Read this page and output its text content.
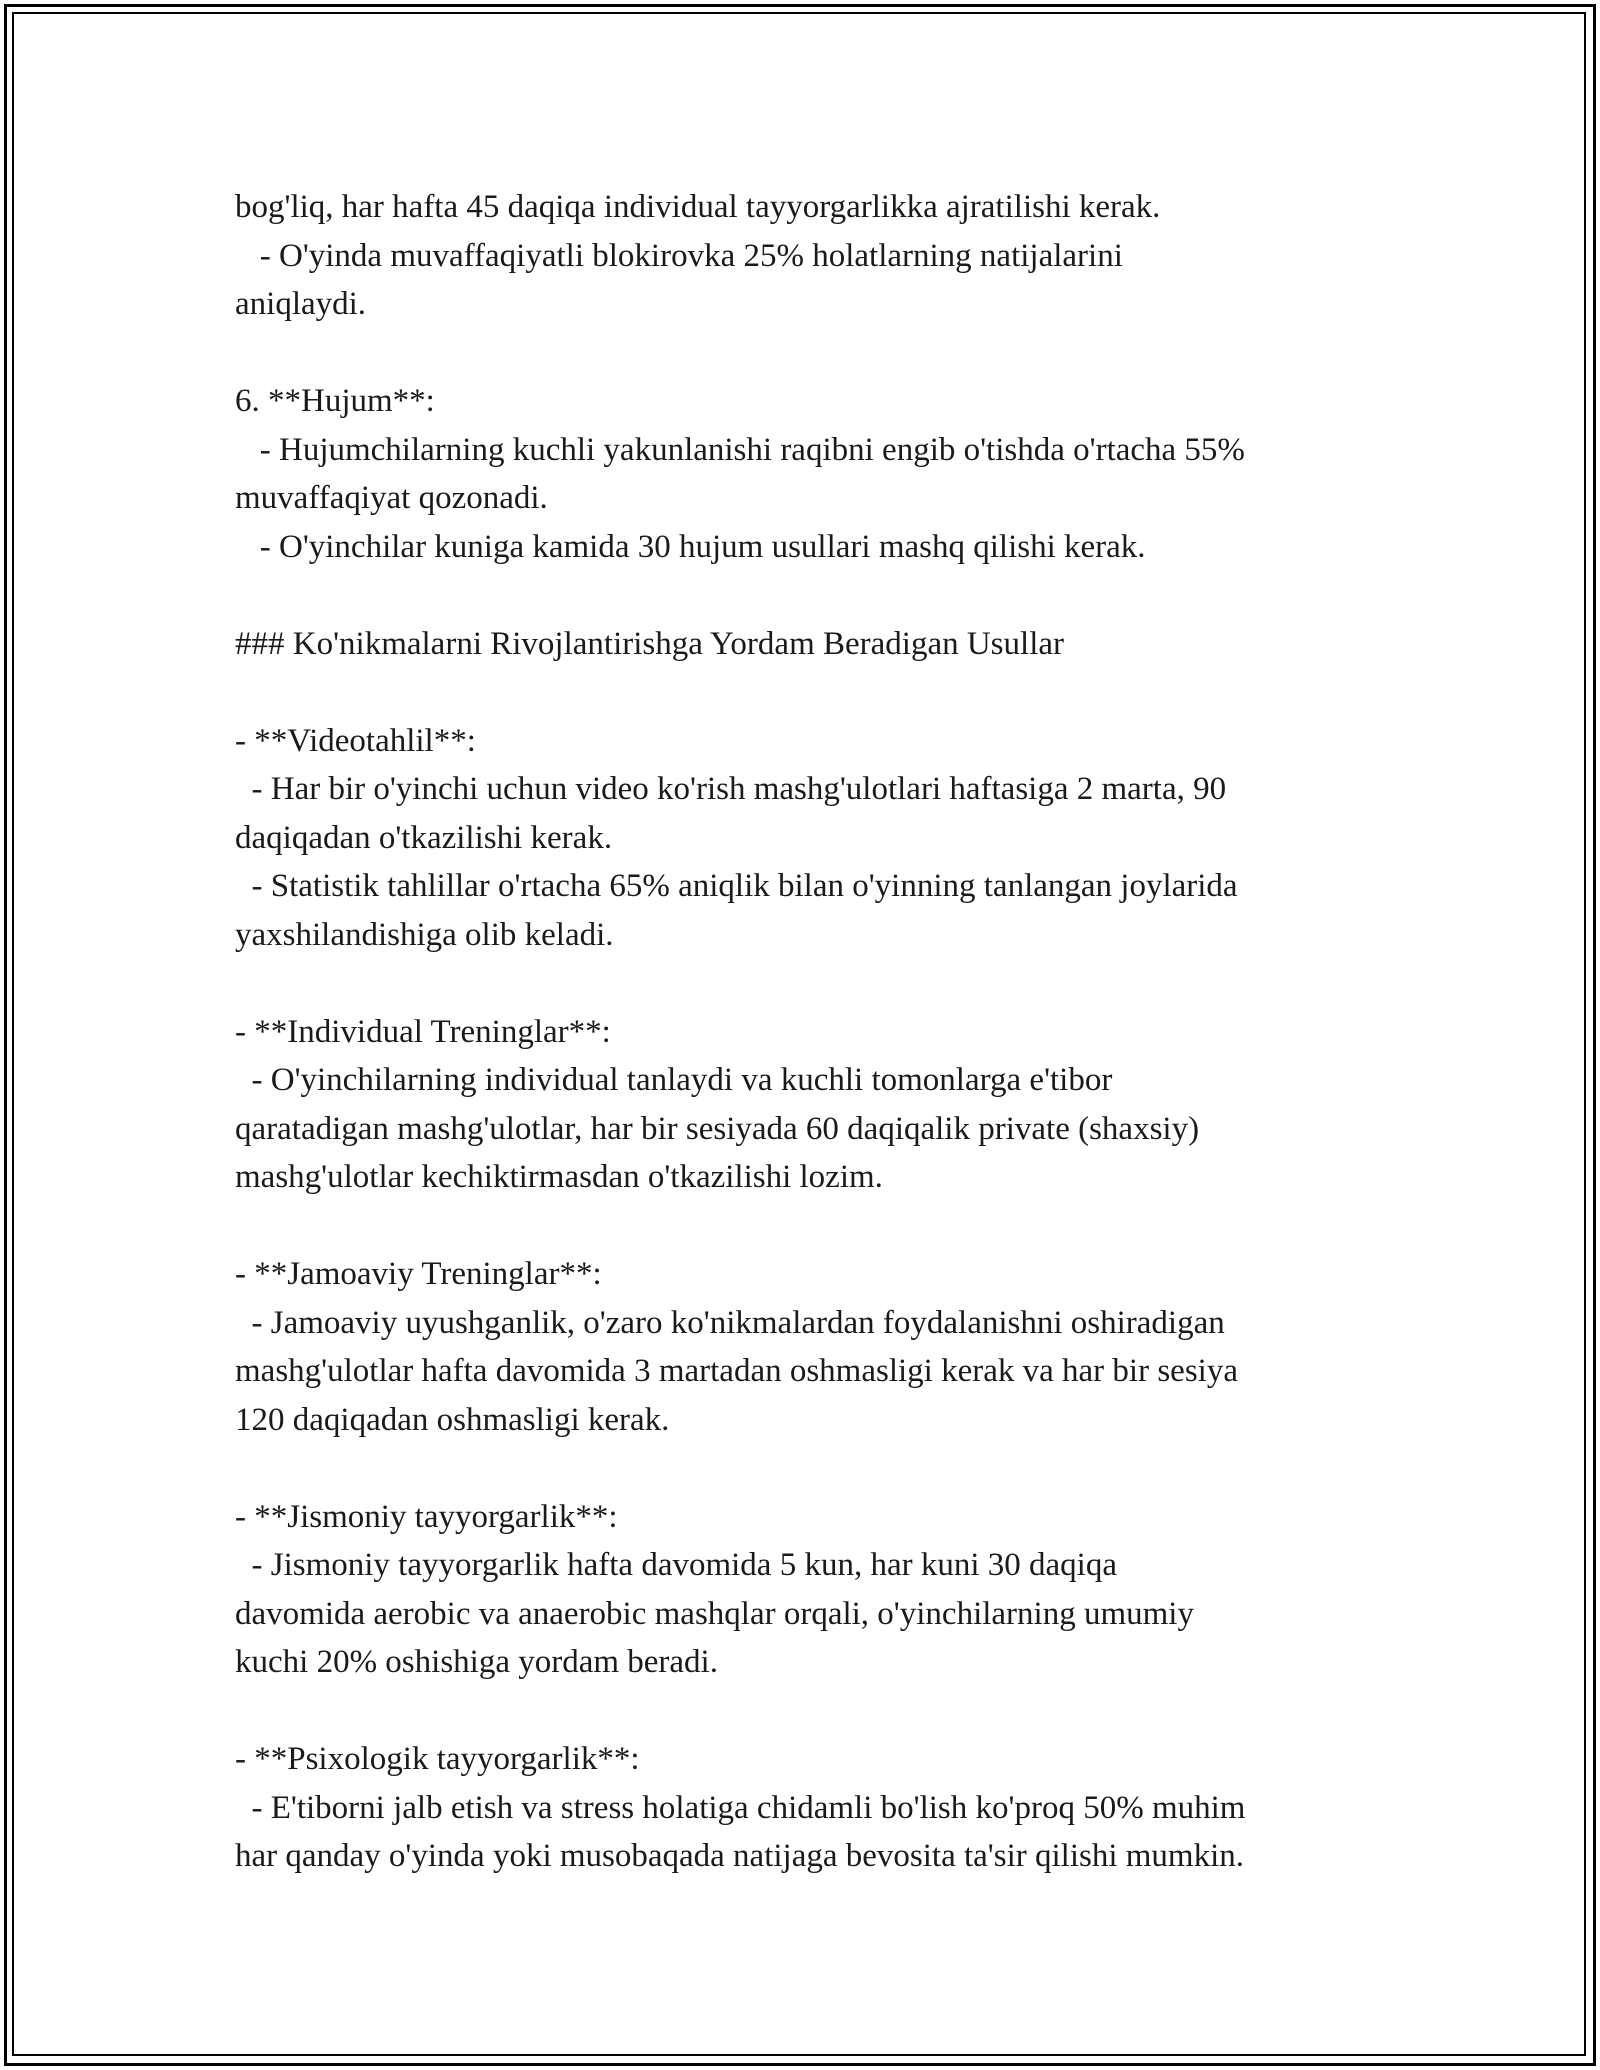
bog'liq, har hafta 45 daqiqa individual tayyorgarlikka ajratilishi kerak.
- O'yinda muvaffaqiyatli blokirovka 25% holatlarning natijalarini
aniqlaydi.
6. **Hujum**:
- Hujumchilarning kuchli yakunlanishi raqibni engib o'tishda o'rtacha 55%
muvaffaqiyat qozonadi.
- O'yinchilar kuniga kamida 30 hujum usullari mashq qilishi kerak.
### Ko'nikmalarni Rivojlantirishga Yordam Beradigan Usullar
- **Videotahlil**:
- Har bir o'yinchi uchun video ko'rish mashg'ulotlari haftasiga 2 marta, 90
daqiqadan o'tkazilishi kerak.
- Statistik tahlillar o'rtacha 65% aniqlik bilan o'yinning tanlangan joylarida
yaxshilandishiga olib keladi.
- **Individual Treninglar**:
- O'yinchilarning individual tanlaydi va kuchli tomonlarga e'tibor
qaratadigan mashg'ulotlar, har bir sesiyada 60 daqiqalik private (shaxsiy)
mashg'ulotlar kechiktirmasdan o'tkazilishi lozim.
- **Jamoaviy Treninglar**:
- Jamoaviy uyushganlik, o'zaro ko'nikmalardan foydalanishni oshiradigan
mashg'ulotlar hafta davomida 3 martadan oshmasligi kerak va har bir sesiya
120 daqiqadan oshmasligi kerak.
- **Jismoniy tayyorgarlik**:
- Jismoniy tayyorgarlik hafta davomida 5 kun, har kuni 30 daqiqa
davomida aerobic va anaerobic mashqlar orqali, o'yinchilarning umumiy
kuchi 20% oshishiga yordam beradi.
- **Psixologik tayyorgarlik**:
- E'tiborni jalb etish va stress holatiga chidamli bo'lish ko'proq 50% muhim
har qanday o'yinda yoki musobaqada natijaga bevosita ta'sir qilishi mumkin.
